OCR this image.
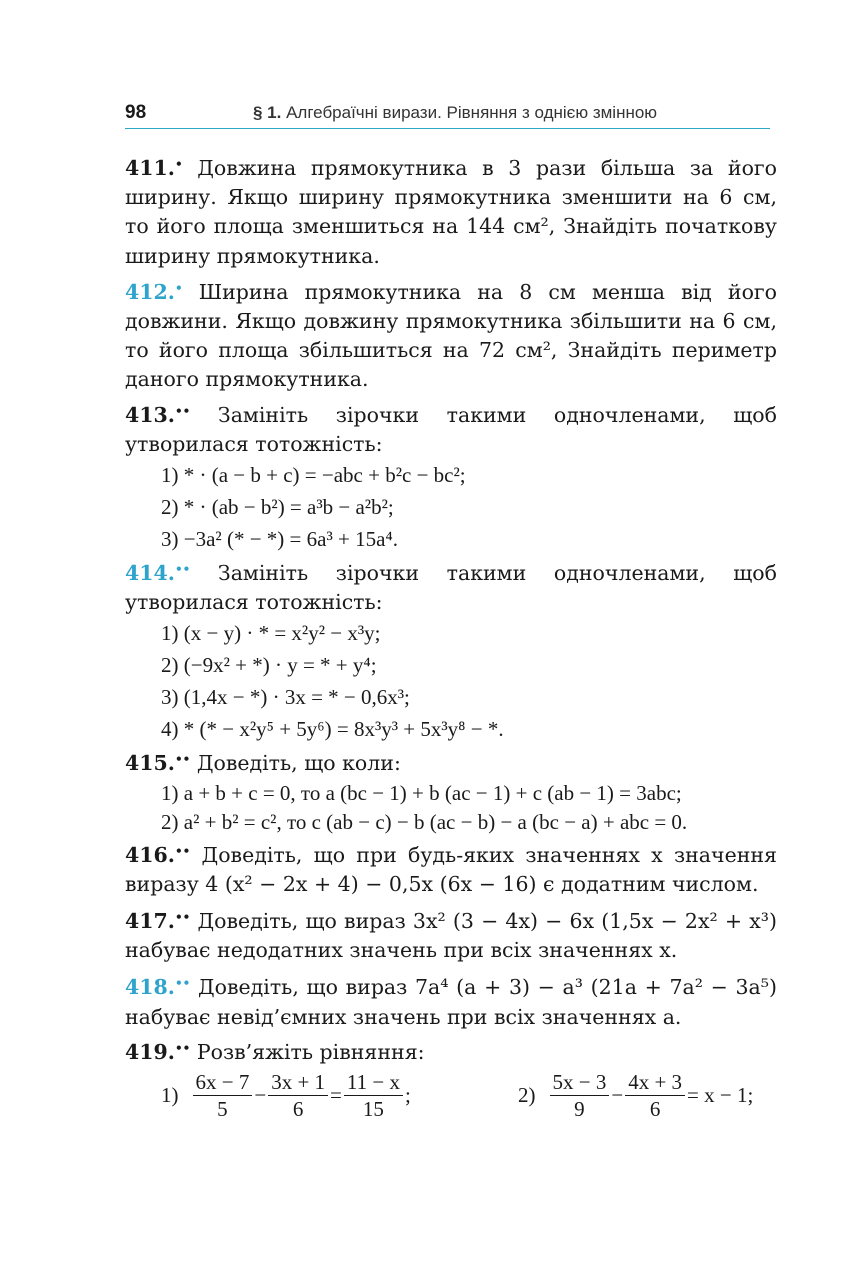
98	§ 1. Алгебраїчні вирази. Рівняння з однією змінною
411.• Довжина прямокутника в 3 рази більша за його ширину. Якщо ширину прямокутника зменшити на 6 см, то його площа зменшиться на 144 см², Знайдіть початкову ширину прямокутника.
412.• Ширина прямокутника на 8 см менша від його довжини. Якщо довжину прямокутника збільшити на 6 см, то його площа збільшиться на 72 см², Знайдіть периметр даного прямокутника.
413.•• Замініть зірочки такими одночленами, щоб утворилася тотожність:
1) * · (a − b + c) = −abc + b²c − bc²;
2) * · (ab − b²) = a³b − a²b²;
3) −3a² (* − *) = 6a³ + 15a⁴.
414.•• Замініть зірочки такими одночленами, щоб утворилася тотожність:
1) (x − y) · * = x²y² − x³y;
2) (−9x² + *) · y = * + y⁴;
3) (1,4x − *) · 3x = * − 0,6x³;
4) * (* − x²y⁵ + 5y⁶) = 8x³y³ + 5x³y⁸ − *.
415.•• Доведіть, що коли:
1) a + b + c = 0, то a (bc − 1) + b (ac − 1) + c (ab − 1) = 3abc;
2) a² + b² = c², то c (ab − c) − b (ac − b) − a (bc − a) + abc = 0.
416.•• Доведіть, що при будь-яких значеннях x значення виразу 4 (x² − 2x + 4) − 0,5x (6x − 16) є додатним числом.
417.•• Доведіть, що вираз 3x² (3 − 4x) − 6x (1,5x − 2x² + x³) набуває недодатних значень при всіх значеннях x.
418.•• Доведіть, що вираз 7a⁴ (a + 3) − a³ (21a + 7a² − 3a⁵) набуває невід’ємних значень при всіх значеннях a.
419.•• Розв’яжіть рівняння:
$1) \frac{6x - 7}{5} - \frac{3x + 1}{6} = \frac{11 - x}{15}$ ;	$2) \frac{5x - 3}{9} - \frac{4x + 3}{6} = x - 1$;
